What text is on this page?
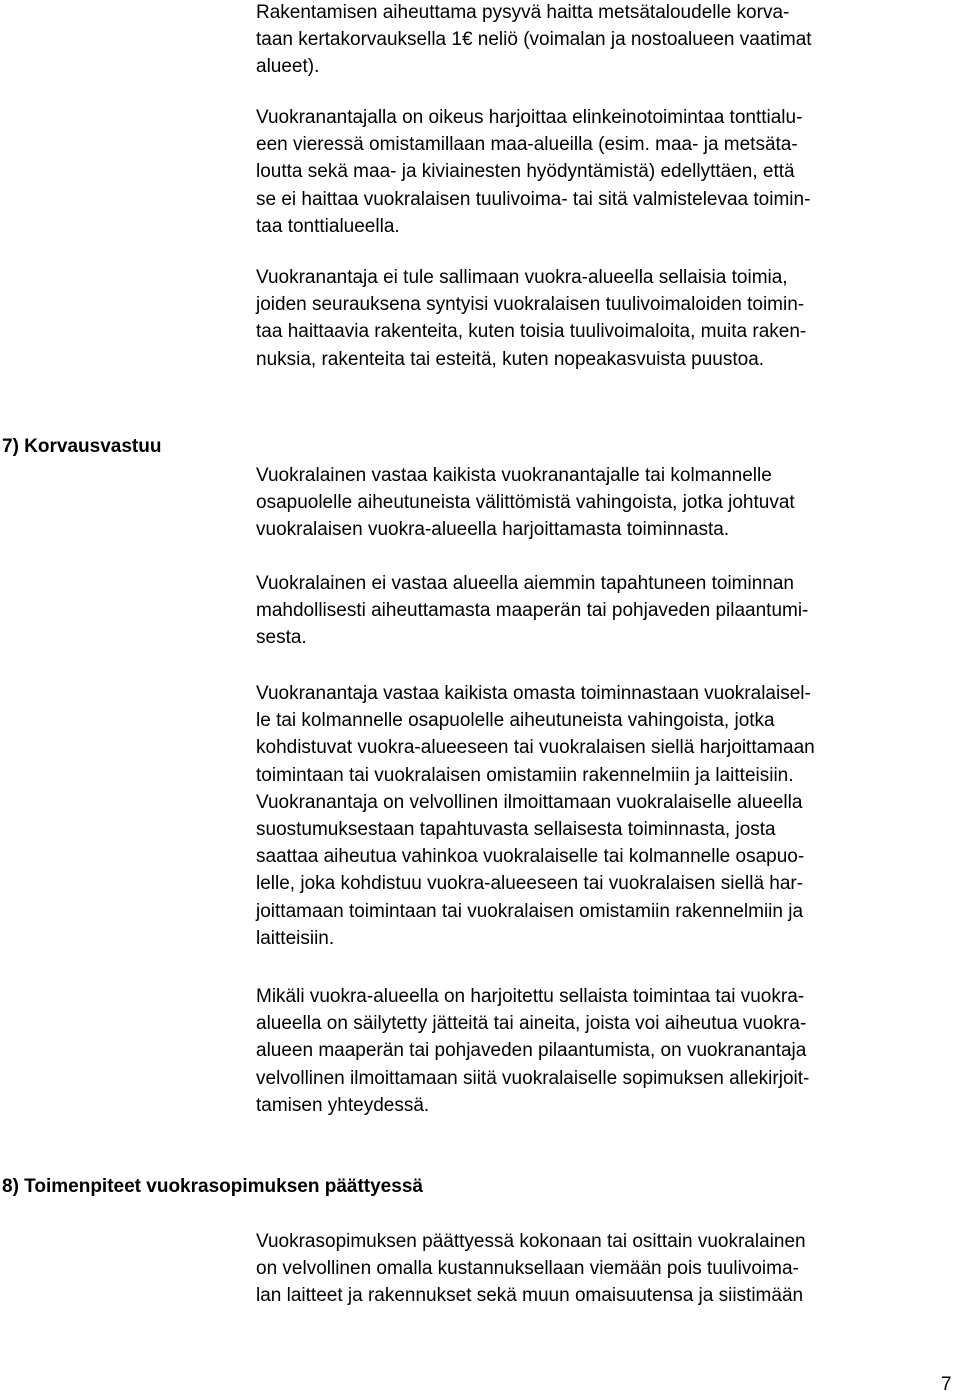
Rakentamisen aiheuttama pysyvä haitta metsätaloudelle korva-
taan kertakorvauksella 1€ neliö (voimalan ja nostoalueen vaatimat
alueet).
Vuokranantajalla on oikeus harjoittaa elinkeinotoimintaa tonttialu-
een vieressä omistamillaan maa-alueilla (esim. maa- ja metsäta-
loutta sekä maa- ja kiviainesten hyödyntämistä) edellyttäen, että
se ei haittaa vuokralaisen tuulivoima- tai sitä valmistelevaa toimin-
taa tonttialueella.
Vuokranantaja ei tule sallimaan vuokra-alueella sellaisia toimia,
joiden seurauksena syntyisi vuokralaisen tuulivoimaloiden toimin-
taa haittaavia rakenteita, kuten toisia tuulivoimaloita, muita raken-
nuksia, rakenteita tai esteitä, kuten nopeakasvuista puustoa.
7) Korvausvastuu
Vuokralainen vastaa kaikista vuokranantajalle tai kolmannelle
osapuolelle aiheutuneista välittömistä vahingoista, jotka johtuvat
vuokralaisen vuokra-alueella harjoittamasta toiminnasta.
Vuokralainen ei vastaa alueella aiemmin tapahtuneen toiminnan
mahdollisesti aiheuttamasta maaperän tai pohjaveden pilaantumi-
sesta.
Vuokranantaja vastaa kaikista omasta toiminnastaan vuokralaisel-
le tai kolmannelle osapuolelle aiheutuneista vahingoista, jotka
kohdistuvat vuokra-alueeseen tai vuokralaisen siellä harjoittamaan
toimintaan tai vuokralaisen omistamiin rakennelmiin ja laitteisiin.
Vuokranantaja on velvollinen ilmoittamaan vuokralaiselle alueella
suostumuksestaan tapahtuvasta sellaisesta toiminnasta, josta
saattaa aiheutua vahinkoa vuokralaiselle tai kolmannelle osapuo-
lelle, joka kohdistuu vuokra-alueeseen tai vuokralaisen siellä har-
joittamaan toimintaan tai vuokralaisen omistamiin rakennelmiin ja
laitteisiin.
Mikäli vuokra-alueella on harjoitettu sellaista toimintaa tai vuokra-
alueella on säilytetty jätteitä tai aineita, joista voi aiheutua vuokra-
alueen maaperän tai pohjaveden pilaantumista, on vuokranantaja
velvollinen ilmoittamaan siitä vuokralaiselle sopimuksen allekirjoit-
tamisen yhteydessä.
8) Toimenpiteet vuokrasopimuksen päättyessä
Vuokrasopimuksen päättyessä kokonaan tai osittain vuokralainen
on velvollinen omalla kustannuksellaan viemään pois tuulivoima-
lan laitteet ja rakennukset sekä muun omaisuutensa ja siistimään
7
